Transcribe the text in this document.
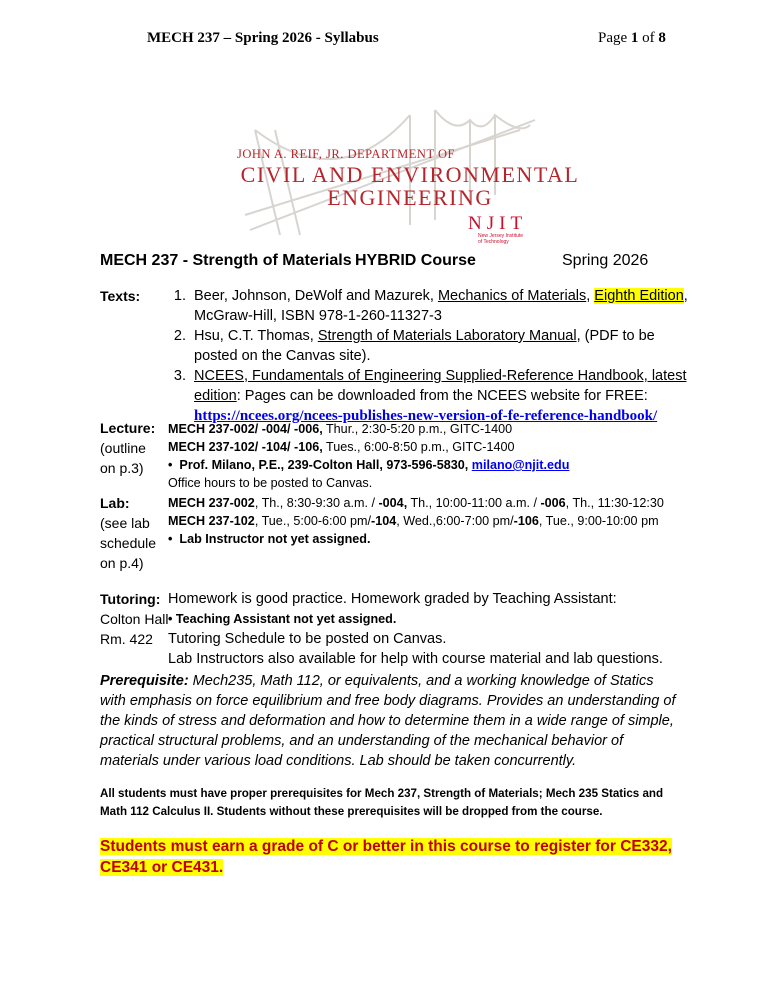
MECH 237 – Spring 2026 - Syllabus	Page 1 of 8
JOHN A. REIF, JR. DEPARTMENT OF
CIVIL AND ENVIRONMENTAL
ENGINEERING
NJIT
New Jersey Institute
of Technology
MECH 237 - Strength of Materials HYBRID Course	Spring 2026
Texts:	1. Beer, Johnson, DeWolf and Mazurek, Mechanics of Materials, Eighth Edition, McGraw-Hill, ISBN 978-1-260-11327-3
2. Hsu, C.T. Thomas, Strength of Materials Laboratory Manual, (PDF to be posted on the Canvas site).
3. NCEES, Fundamentals of Engineering Supplied-Reference Handbook, latest edition: Pages can be downloaded from the NCEES website for FREE:
https://ncees.org/ncees-publishes-new-version-of-fe-reference-handbook/
Lecture:
(outline on p.3)
MECH 237-002/ -004/ -006, Thur., 2:30-5:20 p.m., GITC-1400
MECH 237-102/ -104/ -106, Tues., 6:00-8:50 p.m., GITC-1400
•  Prof. Milano, P.E., 239-Colton Hall, 973-596-5830, milano@njit.edu
Office hours to be posted to Canvas.
Lab:
(see lab schedule on p.4)
MECH 237-002, Th., 8:30-9:30 a.m. / -004, Th., 10:00-11:00 a.m. / -006, Th., 11:30-12:30
MECH 237-102, Tue., 5:00-6:00 pm/-104, Wed.,6:00-7:00 pm/-106, Tue., 9:00-10:00 pm
•  Lab Instructor not yet assigned.
Tutoring:
Colton Hall
Rm. 422
Homework is good practice. Homework graded by Teaching Assistant:
• Teaching Assistant not yet assigned.
Tutoring Schedule to be posted on Canvas.
Lab Instructors also available for help with course material and lab questions.
Prerequisite: Mech235, Math 112, or equivalents, and a working knowledge of Statics with emphasis on force equilibrium and free body diagrams. Provides an understanding of the kinds of stress and deformation and how to determine them in a wide range of simple, practical structural problems, and an understanding of the mechanical behavior of materials under various load conditions. Lab should be taken concurrently.
All students must have proper prerequisites for Mech 237, Strength of Materials; Mech 235 Statics and Math 112 Calculus II. Students without these prerequisites will be dropped from the course.
Students must earn a grade of C or better in this course to register for CE332, CE341 or CE431.
